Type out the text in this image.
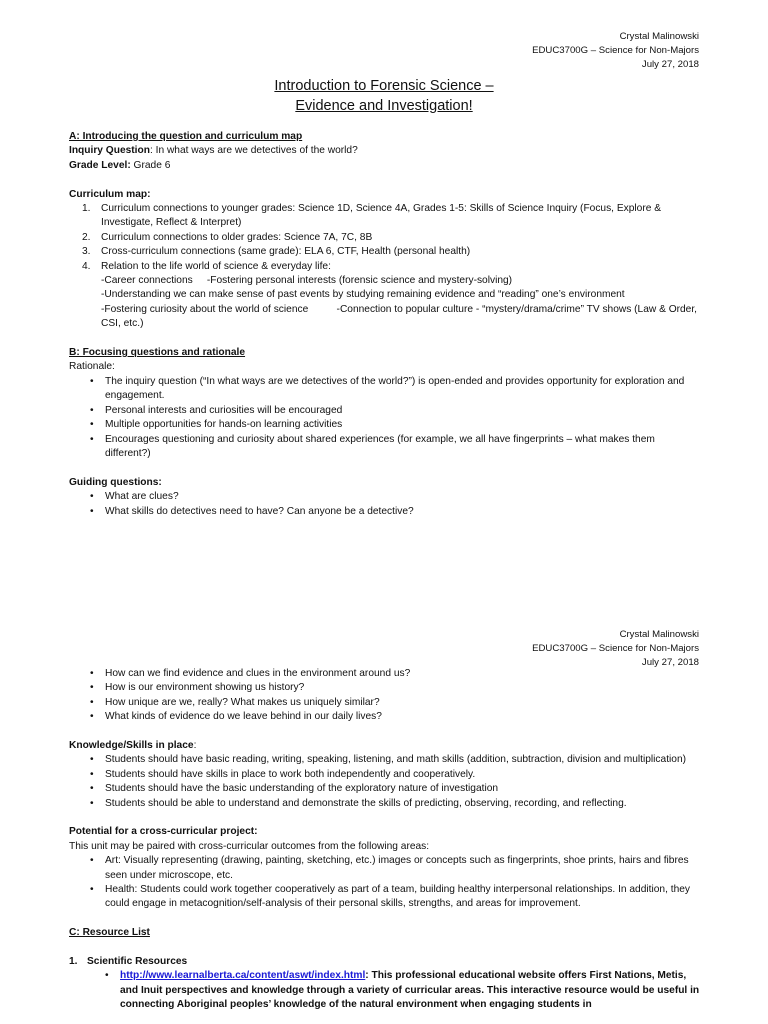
Crystal Malinowski
EDUC3700G – Science for Non-Majors
July 27, 2018
Introduction to Forensic Science –
Evidence and Investigation!

A: Introducing the question and curriculum map

Inquiry Question: In what ways are we detectives of the world?

Grade Level: Grade 6

Curriculum map:

1. Curriculum connections to younger grades: Science 1D, Science 4A, Grades 1-5: Skills of Science Inquiry (Focus, Explore & Investigate, Reflect & Interpret)
2. Curriculum connections to older grades: Science 7A, 7C, 8B
3. Cross-curriculum connections (same grade): ELA 6, CTF, Health (personal health)
4. Relation to the life world of science & everyday life:
-Career connections     -Fostering personal interests (forensic science and mystery-solving)
-Understanding we can make sense of past events by studying remaining evidence and “reading” one’s environment
-Fostering curiosity about the world of science          -Connection to popular culture - “mystery/drama/crime” TV shows (Law & Order, CSI, etc.)

B: Focusing questions and rationale

Rationale:

• The inquiry question (“In what ways are we detectives of the world?”) is open-ended and provides opportunity for exploration and engagement.
• Personal interests and curiosities will be encouraged
• Multiple opportunities for hands-on learning activities
• Encourages questioning and curiosity about shared experiences (for example, we all have fingerprints – what makes them different?)

Guiding questions:

• What are clues?
• What skills do detectives need to have? Can anyone be a detective?
Crystal Malinowski
EDUC3700G – Science for Non-Majors
July 27, 2018
• How can we find evidence and clues in the environment around us?
• How is our environment showing us history?
• How unique are we, really? What makes us uniquely similar?
• What kinds of evidence do we leave behind in our daily lives?

Knowledge/Skills in place:

• Students should have basic reading, writing, speaking, listening, and math skills (addition, subtraction, division and multiplication)
• Students should have skills in place to work both independently and cooperatively.
• Students should have the basic understanding of the exploratory nature of investigation
• Students should be able to understand and demonstrate the skills of predicting, observing, recording, and reflecting.

Potential for a cross-curricular project:

This unit may be paired with cross-curricular outcomes from the following areas:

• Art: Visually representing (drawing, painting, sketching, etc.) images or concepts such as fingerprints, shoe prints, hairs and fibres seen under microscope, etc.
• Health: Students could work together cooperatively as part of a team, building healthy interpersonal relationships. In addition, they could engage in metacognition/self-analysis of their personal skills, strengths, and areas for improvement.

C: Resource List

1. Scientific Resources

• http://www.learnalberta.ca/content/aswt/index.html: This professional educational website offers First Nations, Metis, and Inuit perspectives and knowledge through a variety of curricular areas. This interactive resource would be useful in connecting Aboriginal peoples’ knowledge of the natural environment when engaging students in
